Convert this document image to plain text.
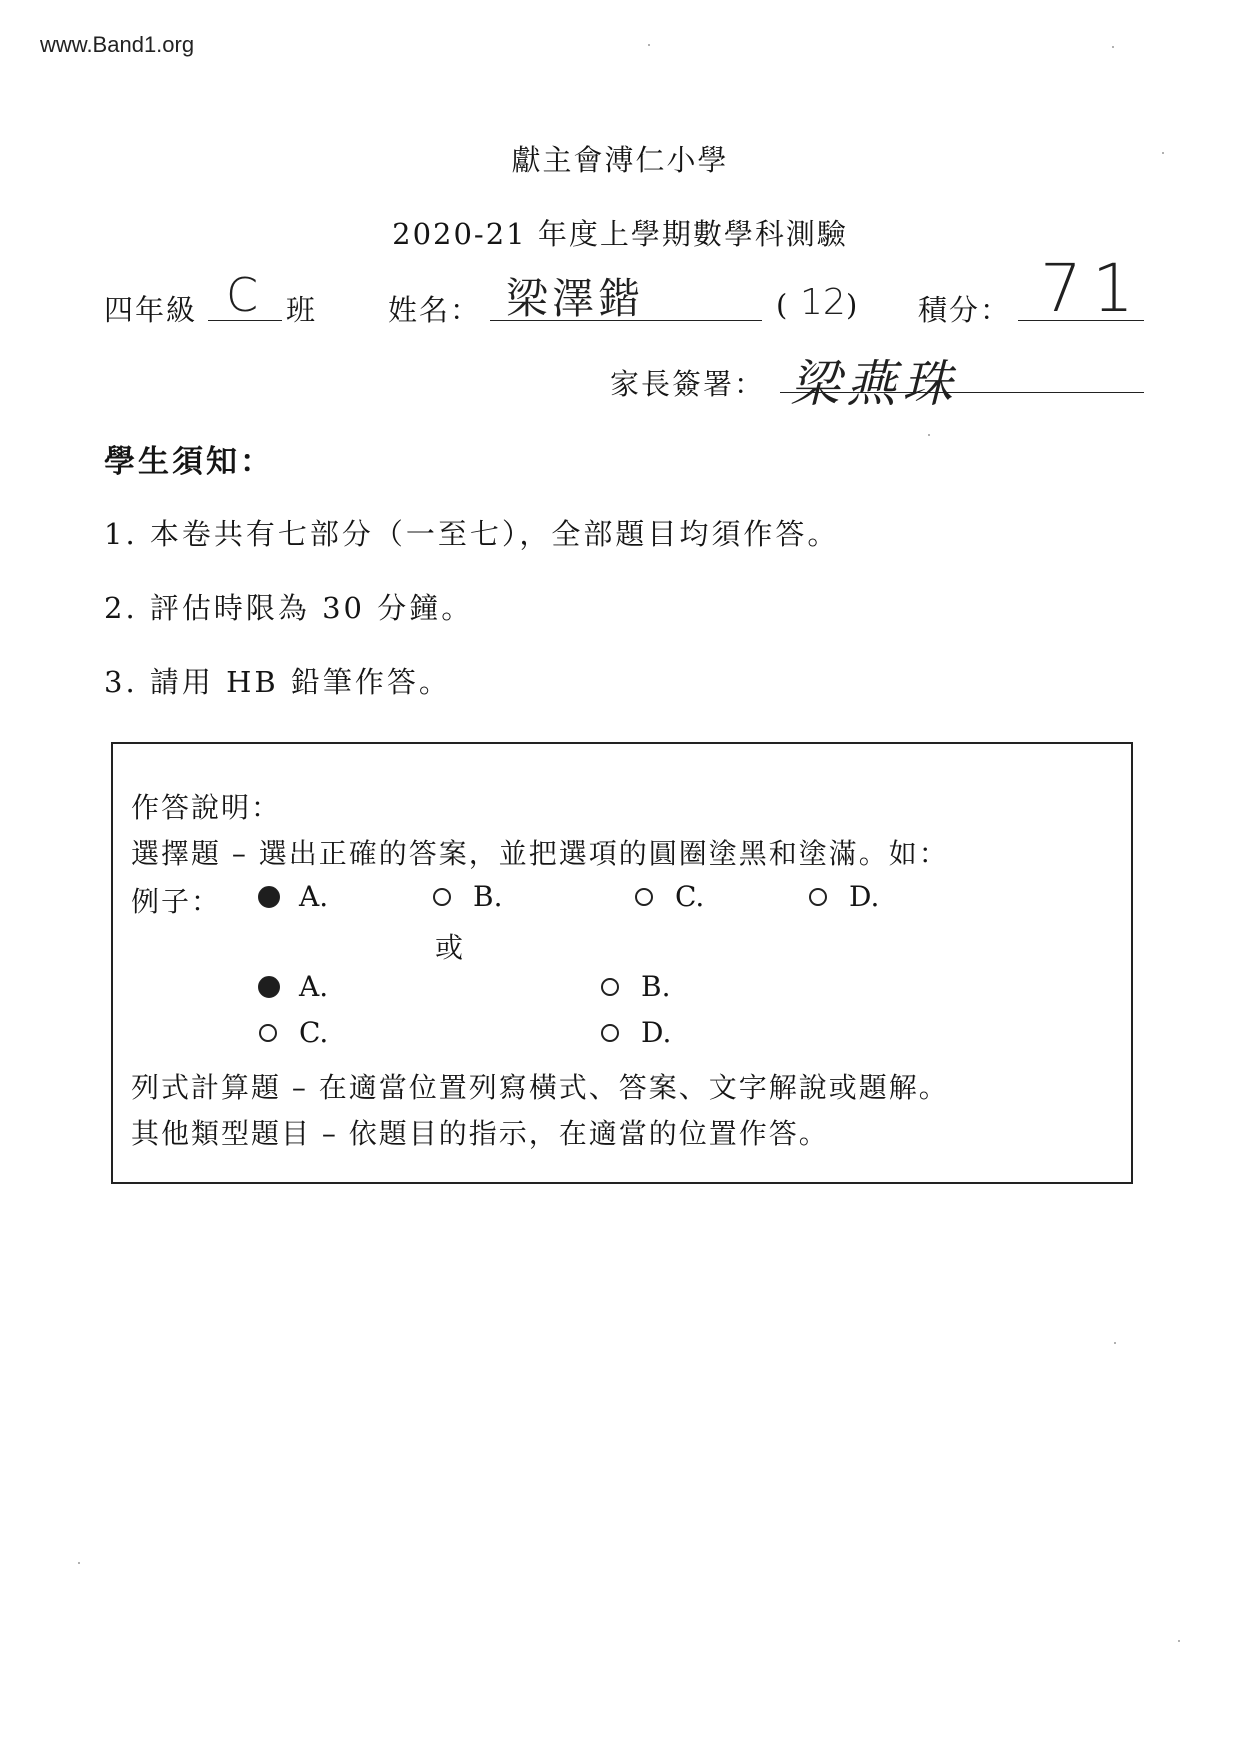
www.Band1.org
獻主會溥仁小學
2020-21 年度上學期數學科測驗
四年級 C 班 姓名： 梁澤鍇	( 12 ) 積分： 71
家長簽署： 梁燕珠
學生須知：
1. 本卷共有七部分（一至七），全部題目均須作答。
2. 評估時限為 30 分鐘。
3. 請用 HB 鉛筆作答。
作答說明：
選擇題 – 選出正確的答案，並把選項的圓圈塗黑和塗滿。如：
例子：	A.	B.	C.	D.
或
A.	B.
C.	D.
列式計算題 – 在適當位置列寫橫式、答案、文字解說或題解。
其他類型題目 – 依題目的指示，在適當的位置作答。
